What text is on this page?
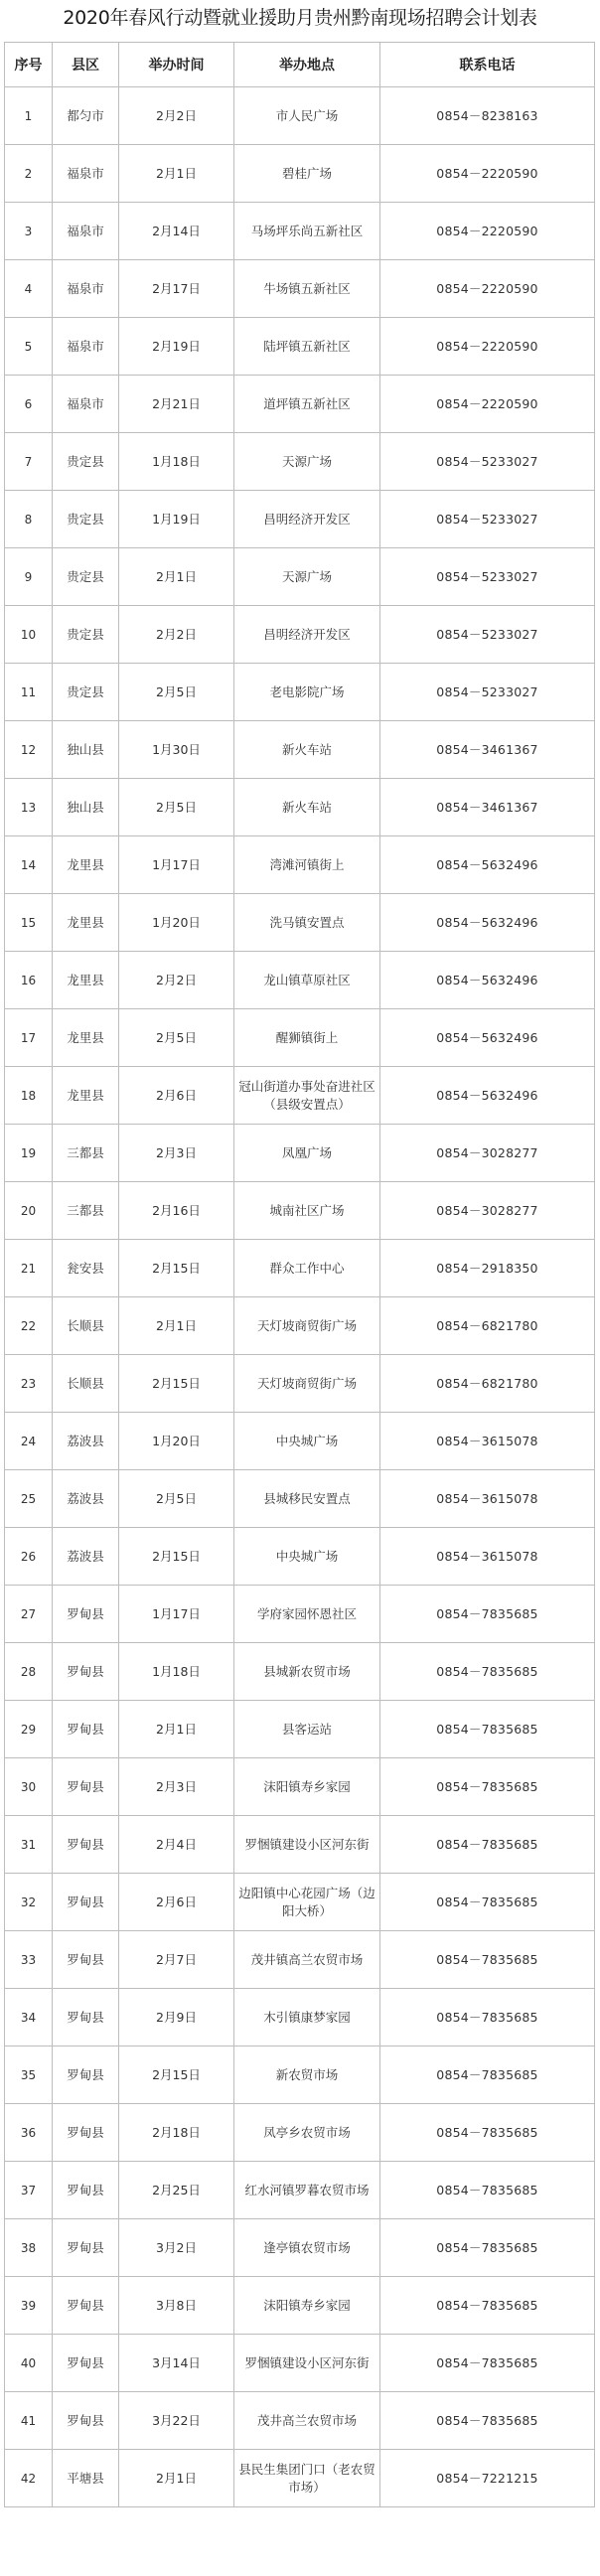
2020年春风行动暨就业援助月贵州黔南现场招聘会计划表
序号	县区	举办时间	举办地点	联系电话
1	都匀市	2月2日	市人民广场	0854－8238163
2	福泉市	2月1日	碧桂广场	0854－2220590
3	福泉市	2月14日	马场坪乐尚五新社区	0854－2220590
4	福泉市	2月17日	牛场镇五新社区	0854－2220590
5	福泉市	2月19日	陆坪镇五新社区	0854－2220590
6	福泉市	2月21日	道坪镇五新社区	0854－2220590
7	贵定县	1月18日	天源广场	0854－5233027
8	贵定县	1月19日	昌明经济开发区	0854－5233027
9	贵定县	2月1日	天源广场	0854－5233027
10	贵定县	2月2日	昌明经济开发区	0854－5233027
11	贵定县	2月5日	老电影院广场	0854－5233027
12	独山县	1月30日	新火车站	0854－3461367
13	独山县	2月5日	新火车站	0854－3461367
14	龙里县	1月17日	湾滩河镇街上	0854－5632496
15	龙里县	1月20日	洗马镇安置点	0854－5632496
16	龙里县	2月2日	龙山镇草原社区	0854－5632496
17	龙里县	2月5日	醒狮镇街上	0854－5632496
18	龙里县	2月6日	冠山街道办事处奋进社区（县级安置点）	0854－5632496
19	三都县	2月3日	凤凰广场	0854－3028277
20	三都县	2月16日	城南社区广场	0854－3028277
21	瓮安县	2月15日	群众工作中心	0854－2918350
22	长顺县	2月1日	天灯坡商贸街广场	0854－6821780
23	长顺县	2月15日	天灯坡商贸街广场	0854－6821780
24	荔波县	1月20日	中央城广场	0854－3615078
25	荔波县	2月5日	县城移民安置点	0854－3615078
26	荔波县	2月15日	中央城广场	0854－3615078
27	罗甸县	1月17日	学府家园怀恩社区	0854－7835685
28	罗甸县	1月18日	县城新农贸市场	0854－7835685
29	罗甸县	2月1日	县客运站	0854－7835685
30	罗甸县	2月3日	沫阳镇寿乡家园	0854－7835685
31	罗甸县	2月4日	罗悃镇建设小区河东街	0854－7835685
32	罗甸县	2月6日	边阳镇中心花园广场（边阳大桥）	0854－7835685
33	罗甸县	2月7日	茂井镇高兰农贸市场	0854－7835685
34	罗甸县	2月9日	木引镇康梦家园	0854－7835685
35	罗甸县	2月15日	新农贸市场	0854－7835685
36	罗甸县	2月18日	凤亭乡农贸市场	0854－7835685
37	罗甸县	2月25日	红水河镇罗暮农贸市场	0854－7835685
38	罗甸县	3月2日	逢亭镇农贸市场	0854－7835685
39	罗甸县	3月8日	沫阳镇寿乡家园	0854－7835685
40	罗甸县	3月14日	罗悃镇建设小区河东街	0854－7835685
41	罗甸县	3月22日	茂井高兰农贸市场	0854－7835685
42	平塘县	2月1日	县民生集团门口（老农贸市场）	0854－7221215
